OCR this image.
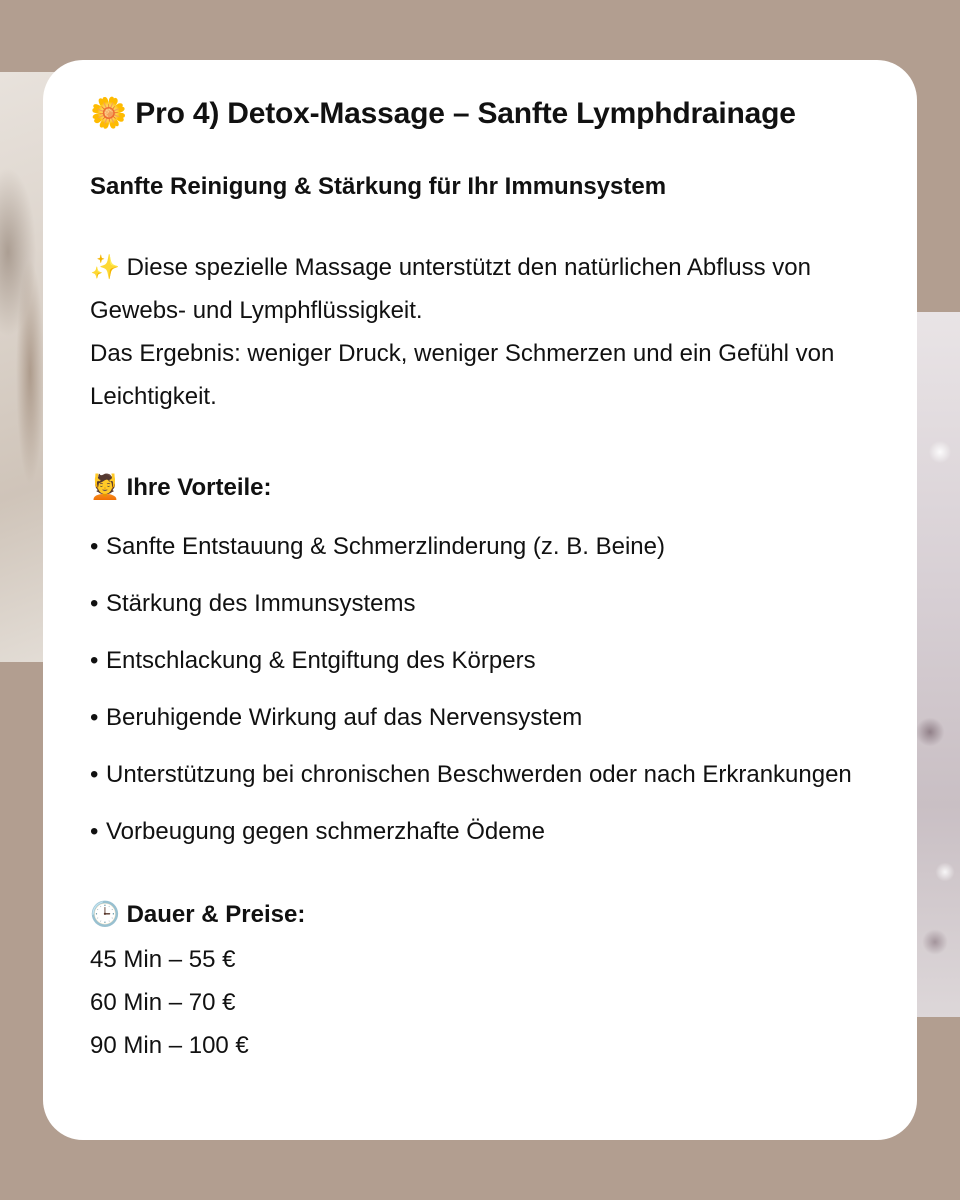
🌼 Pro 4) Detox-Massage – Sanfte Lymphdrainage
Sanfte Reinigung & Stärkung für Ihr Immunsystem

✨ Diese spezielle Massage unterstützt den natürlichen Abfluss von Gewebs- und Lymphflüssigkeit.

Das Ergebnis: weniger Druck, weniger Schmerzen und ein Gefühl von Leichtigkeit.

💆 Ihre Vorteile:
• Sanfte Entstauung & Schmerzlinderung (z. B. Beine)
• Stärkung des Immunsystems
• Entschlackung & Entgiftung des Körpers
• Beruhigende Wirkung auf das Nervensystem
• Unterstützung bei chronischen Beschwerden oder nach Erkrankungen
• Vorbeugung gegen schmerzhafte Ödeme
🕒 Dauer & Preise:
45 Min – 55 €
60 Min – 70 €
90 Min – 100 €
